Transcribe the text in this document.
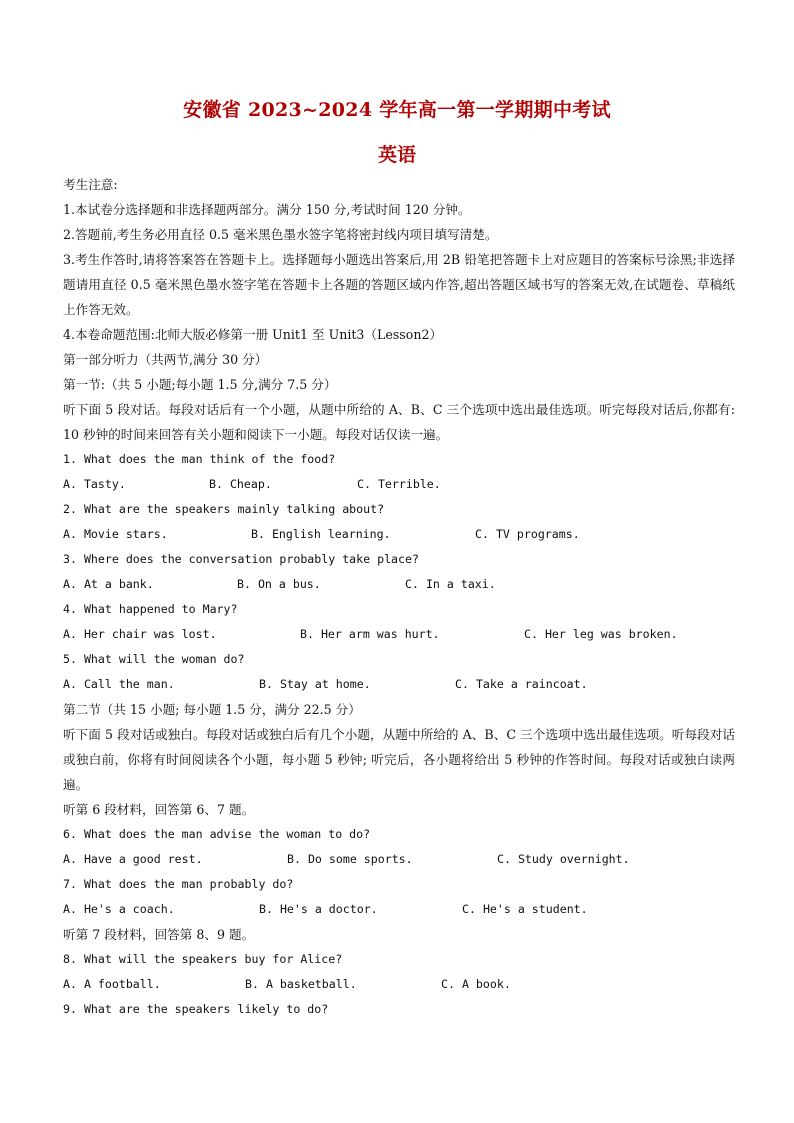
安徽省 2023~2024 学年高一第一学期期中考试
英语
考生注意:
1.本试卷分选择题和非选择题两部分。满分 150 分,考试时间 120 分钟。
2.答题前,考生务必用直径 0.5 毫米黑色墨水签字笔将密封线内项目填写清楚。
3.考生作答时,请将答案答在答题卡上。选择题每小题选出答案后,用 2B 铅笔把答题卡上对应题目的答案标号涂黑;非选择题请用直径 0.5 毫米黑色墨水签字笔在答题卡上各题的答题区域内作答,超出答题区域书写的答案无效,在试题卷、草稿纸上作答无效。
4.本卷命题范围:北师大版必修第一册 Unit1 至 Unit3（Lesson2）
第一部分听力（共两节,满分 30 分）
第一节:（共 5 小题;每小题 1.5 分,满分 7.5 分）
听下面 5 段对话。每段对话后有一个小题，从题中所给的 A、B、C 三个选项中选出最佳选项。听完每段对话后,你都有: 10 秒钟的时间来回答有关小题和阅读下一小题。每段对话仅读一遍。
1. What does the man think of the food?
A. Tasty.	B. Cheap.	C. Terrible.
2. What are the speakers mainly talking about?
A. Movie stars.	B. English learning.	C. TV programs.
3. Where does the conversation probably take place?
A. At a bank.	B. On a bus.	C. In a taxi.
4. What happened to Mary?
A. Her chair was lost.	B. Her arm was hurt.	C. Her leg was broken.
5. What will the woman do?
A. Call the man.	B. Stay at home.	C. Take a raincoat.
第二节（共 15 小题; 每小题 1.5 分，满分 22.5 分）
听下面 5 段对话或独白。每段对话或独白后有几个小题，从题中所给的 A、B、C 三个选项中选出最佳选项。听每段对话或独白前，你将有时间阅读各个小题，每小题 5 秒钟; 听完后，各小题将给出 5 秒钟的作答时间。每段对话或独白读两遍。
听第 6 段材料，回答第 6、7 题。
6. What does the man advise the woman to do?
A. Have a good rest.	B. Do some sports.	C. Study overnight.
7. What does the man probably do?
A. He's a coach.	B. He's a doctor.	C. He's a student.
听第 7 段材料，回答第 8、9 题。
8. What will the speakers buy for Alice?
A. A football.	B. A basketball.	C. A book.
9. What are the speakers likely to do?
